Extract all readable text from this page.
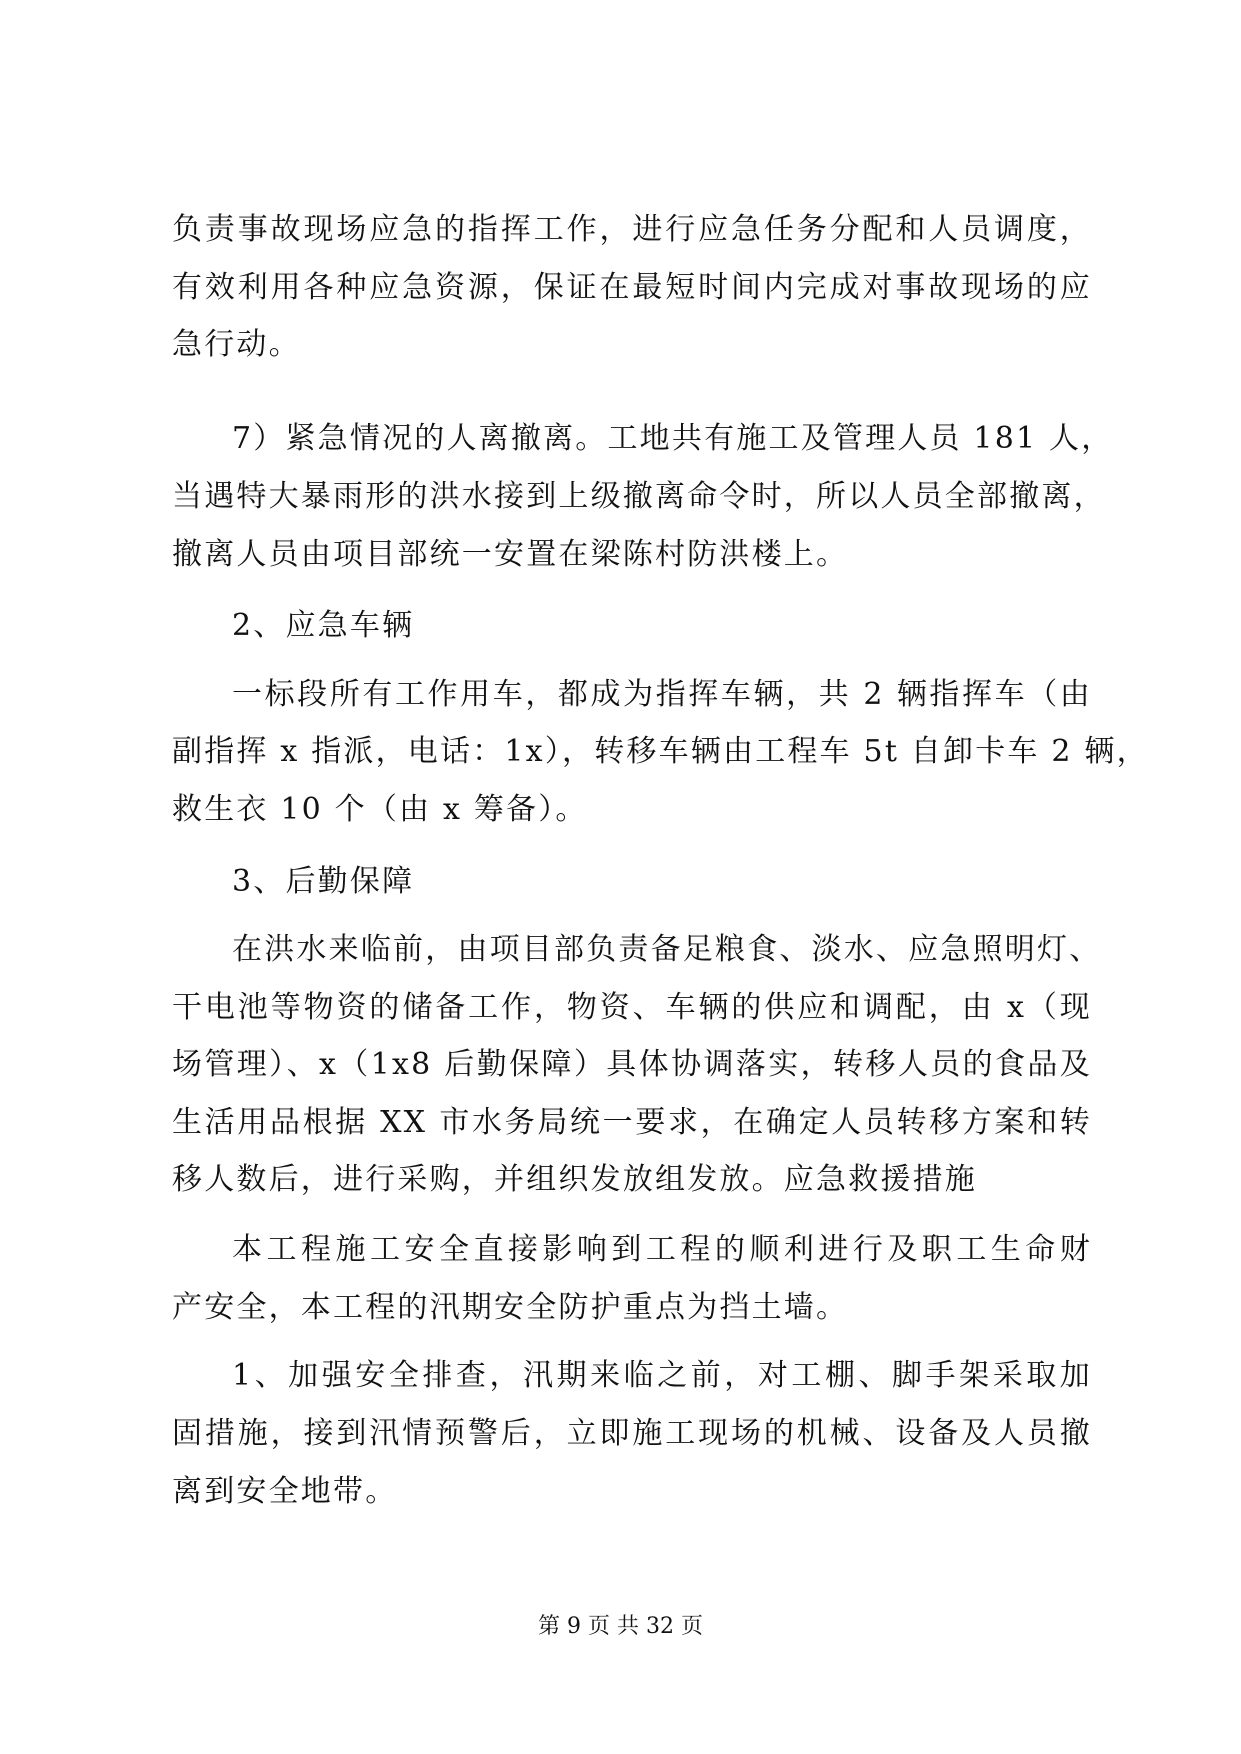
负责事故现场应急的指挥工作，进行应急任务分配和人员调度，
有效利用各种应急资源，保证在最短时间内完成对事故现场的应
急行动。
7）紧急情况的人离撤离。工地共有施工及管理人员 181 人，
当遇特大暴雨形的洪水接到上级撤离命令时，所以人员全部撤离，
撤离人员由项目部统一安置在梁陈村防洪楼上。
2、应急车辆
一标段所有工作用车，都成为指挥车辆，共 2 辆指挥车（由
副指挥 x 指派，电话：1x），转移车辆由工程车 5t 自卸卡车 2 辆，
救生衣 10 个（由 x 筹备）。
3、后勤保障
在洪水来临前，由项目部负责备足粮食、淡水、应急照明灯、
干电池等物资的储备工作，物资、车辆的供应和调配，由 x（现
场管理）、x（1x8 后勤保障）具体协调落实，转移人员的食品及
生活用品根据 XX 市水务局统一要求，在确定人员转移方案和转
移人数后，进行采购，并组织发放组发放。应急救援措施
本工程施工安全直接影响到工程的顺利进行及职工生命财
产安全，本工程的汛期安全防护重点为挡土墙。
1、加强安全排查，汛期来临之前，对工棚、脚手架采取加
固措施，接到汛情预警后，立即施工现场的机械、设备及人员撤
离到安全地带。
第 9 页 共 32 页
